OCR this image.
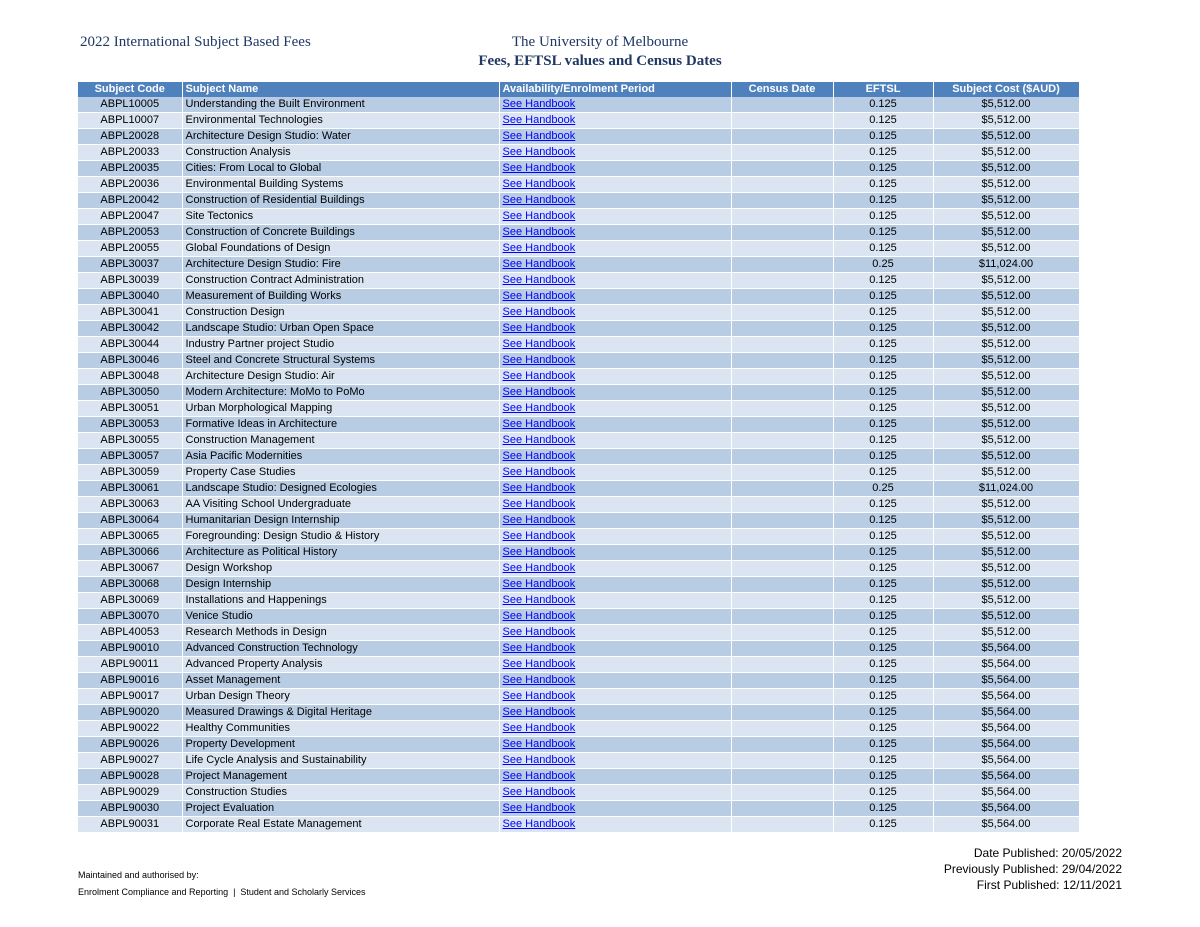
2022 International Subject Based Fees	The University of Melbourne
Fees, EFTSL values and Census Dates
Subject Code	Subject Name	Availability/Enrolment Period	Census Date	EFTSL	Subject Cost ($AUD)
ABPL10005	Understanding the Built Environment	See Handbook		0.125	$5,512.00
ABPL10007	Environmental Technologies	See Handbook		0.125	$5,512.00
ABPL20028	Architecture Design Studio: Water	See Handbook		0.125	$5,512.00
ABPL20033	Construction Analysis	See Handbook		0.125	$5,512.00
ABPL20035	Cities: From Local to Global	See Handbook		0.125	$5,512.00
ABPL20036	Environmental Building Systems	See Handbook		0.125	$5,512.00
ABPL20042	Construction of Residential Buildings	See Handbook		0.125	$5,512.00
ABPL20047	Site Tectonics	See Handbook		0.125	$5,512.00
ABPL20053	Construction of Concrete Buildings	See Handbook		0.125	$5,512.00
ABPL20055	Global Foundations of Design	See Handbook		0.125	$5,512.00
ABPL30037	Architecture Design Studio: Fire	See Handbook		0.25	$11,024.00
ABPL30039	Construction Contract Administration	See Handbook		0.125	$5,512.00
ABPL30040	Measurement of Building Works	See Handbook		0.125	$5,512.00
ABPL30041	Construction Design	See Handbook		0.125	$5,512.00
ABPL30042	Landscape Studio: Urban Open Space	See Handbook		0.125	$5,512.00
ABPL30044	Industry Partner project Studio	See Handbook		0.125	$5,512.00
ABPL30046	Steel and Concrete Structural Systems	See Handbook		0.125	$5,512.00
ABPL30048	Architecture Design Studio: Air	See Handbook		0.125	$5,512.00
ABPL30050	Modern Architecture: MoMo to PoMo	See Handbook		0.125	$5,512.00
ABPL30051	Urban Morphological Mapping	See Handbook		0.125	$5,512.00
ABPL30053	Formative Ideas in Architecture	See Handbook		0.125	$5,512.00
ABPL30055	Construction Management	See Handbook		0.125	$5,512.00
ABPL30057	Asia Pacific Modernities	See Handbook		0.125	$5,512.00
ABPL30059	Property Case Studies	See Handbook		0.125	$5,512.00
ABPL30061	Landscape Studio: Designed Ecologies	See Handbook		0.25	$11,024.00
ABPL30063	AA Visiting School Undergraduate	See Handbook		0.125	$5,512.00
ABPL30064	Humanitarian Design Internship	See Handbook		0.125	$5,512.00
ABPL30065	Foregrounding: Design Studio & History	See Handbook		0.125	$5,512.00
ABPL30066	Architecture as Political History	See Handbook		0.125	$5,512.00
ABPL30067	Design Workshop	See Handbook		0.125	$5,512.00
ABPL30068	Design Internship	See Handbook		0.125	$5,512.00
ABPL30069	Installations and Happenings	See Handbook		0.125	$5,512.00
ABPL30070	Venice Studio	See Handbook		0.125	$5,512.00
ABPL40053	Research Methods in Design	See Handbook		0.125	$5,512.00
ABPL90010	Advanced Construction Technology	See Handbook		0.125	$5,564.00
ABPL90011	Advanced Property Analysis	See Handbook		0.125	$5,564.00
ABPL90016	Asset Management	See Handbook		0.125	$5,564.00
ABPL90017	Urban Design Theory	See Handbook		0.125	$5,564.00
ABPL90020	Measured Drawings & Digital Heritage	See Handbook		0.125	$5,564.00
ABPL90022	Healthy Communities	See Handbook		0.125	$5,564.00
ABPL90026	Property Development	See Handbook		0.125	$5,564.00
ABPL90027	Life Cycle Analysis and Sustainability	See Handbook		0.125	$5,564.00
ABPL90028	Project Management	See Handbook		0.125	$5,564.00
ABPL90029	Construction Studies	See Handbook		0.125	$5,564.00
ABPL90030	Project Evaluation	See Handbook		0.125	$5,564.00
ABPL90031	Corporate Real Estate Management	See Handbook		0.125	$5,564.00
Maintained and authorised by:
Enrolment Compliance and Reporting  |  Student and Scholarly Services
Date Published: 20/05/2022
Previously Published: 29/04/2022
First Published: 12/11/2021
